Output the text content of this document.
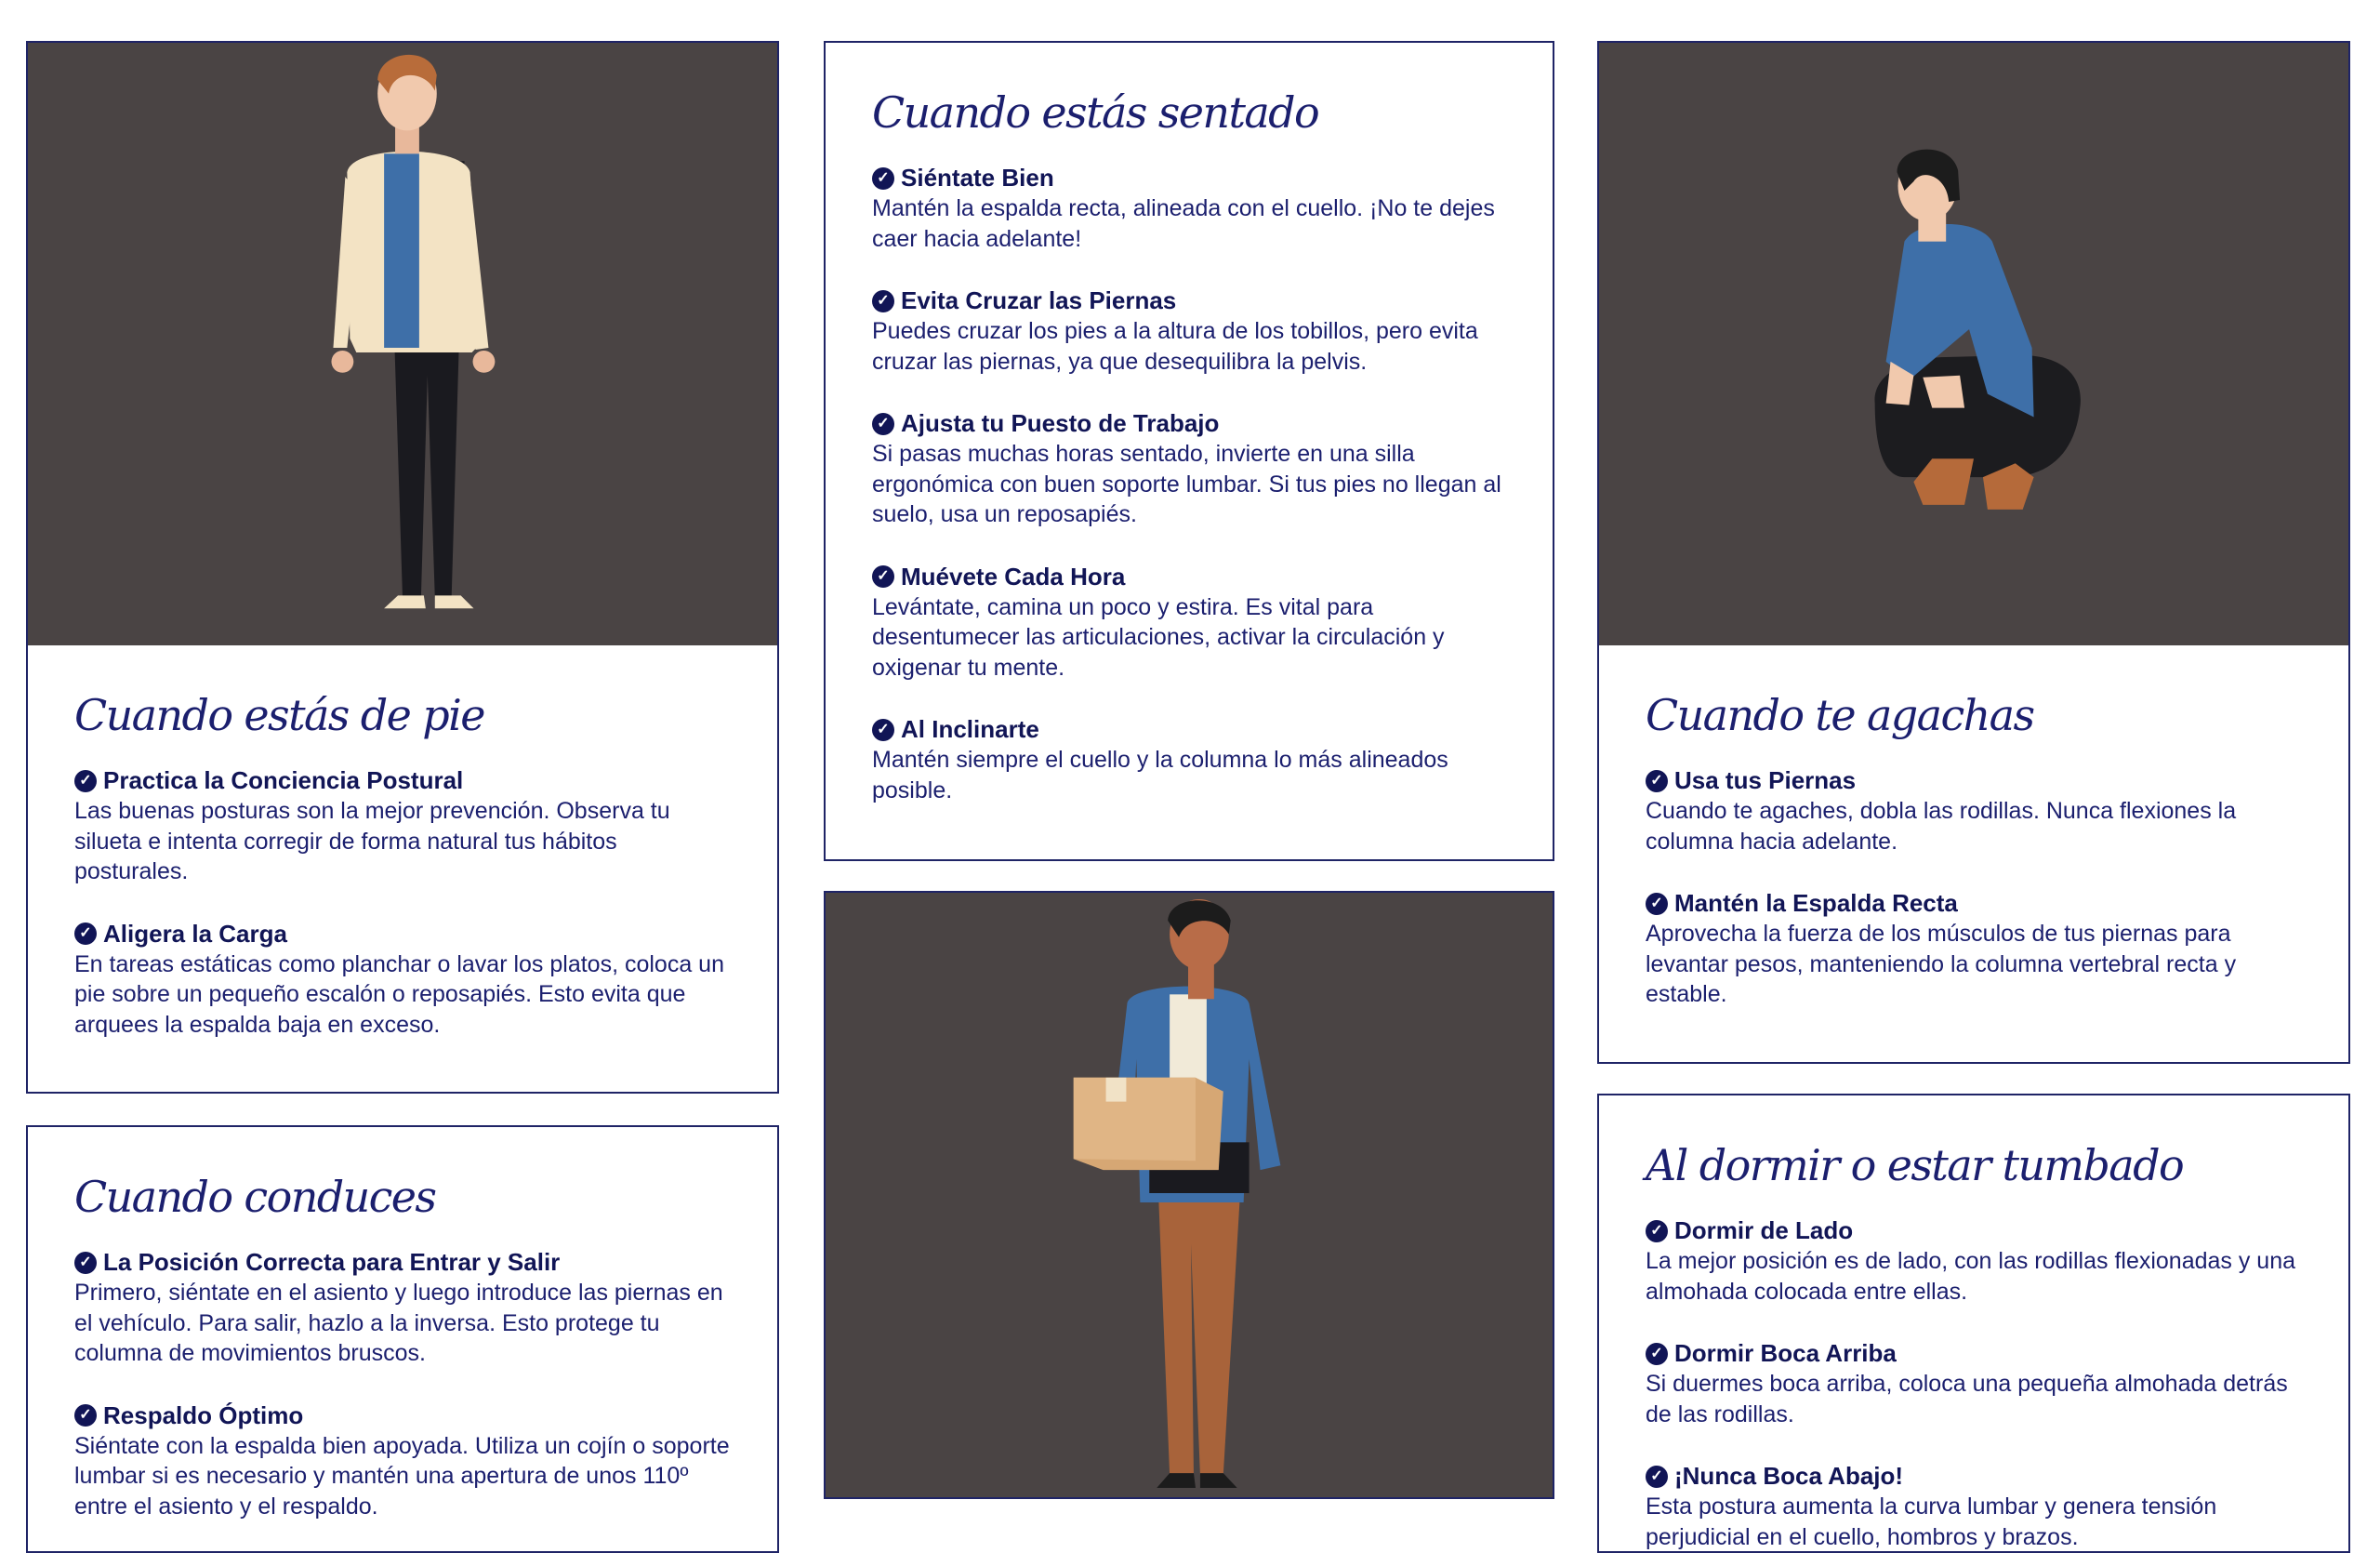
Cuando estás de pie
✓ Practica la Conciencia Postural
Las buenas posturas son la mejor prevención. Observa tu silueta e intenta corregir de forma natural tus hábitos posturales.
✓ Aligera la Carga
En tareas estáticas como planchar o lavar los platos, coloca un pie sobre un pequeño escalón o reposapiés. Esto evita que arquees la espalda baja en exceso.
Cuando conduces
✓ La Posición Correcta para Entrar y Salir
Primero, siéntate en el asiento y luego introduce las piernas en el vehículo. Para salir, hazlo a la inversa. Esto protege tu columna de movimientos bruscos.
✓ Respaldo Óptimo
Siéntate con la espalda bien apoyada. Utiliza un cojín o soporte lumbar si es necesario y mantén una apertura de unos 110º entre el asiento y el respaldo.
Cuando estás sentado
✓ Siéntate Bien
Mantén la espalda recta, alineada con el cuello. ¡No te dejes caer hacia adelante!
✓ Evita Cruzar las Piernas
Puedes cruzar los pies a la altura de los tobillos, pero evita cruzar las piernas, ya que desequilibra la pelvis.
✓ Ajusta tu Puesto de Trabajo
Si pasas muchas horas sentado, invierte en una silla ergonómica con buen soporte lumbar. Si tus pies no llegan al suelo, usa un reposapiés.
✓ Muévete Cada Hora
Levántate, camina un poco y estira. Es vital para desentumecer las articulaciones, activar la circulación y oxigenar tu mente.
✓ Al Inclinarte
Mantén siempre el cuello y la columna lo más alineados posible.
Cuando te agachas
✓ Usa tus Piernas
Cuando te agaches, dobla las rodillas. Nunca flexiones la columna hacia adelante.
✓ Mantén la Espalda Recta
Aprovecha la fuerza de los músculos de tus piernas para levantar pesos, manteniendo la columna vertebral recta y estable.
Al dormir o estar tumbado
✓ Dormir de Lado
La mejor posición es de lado, con las rodillas flexionadas y una almohada colocada entre ellas.
✓ Dormir Boca Arriba
Si duermes boca arriba, coloca una pequeña almohada detrás de las rodillas.
✓ ¡Nunca Boca Abajo!
Esta postura aumenta la curva lumbar y genera tensión perjudicial en el cuello, hombros y brazos.
